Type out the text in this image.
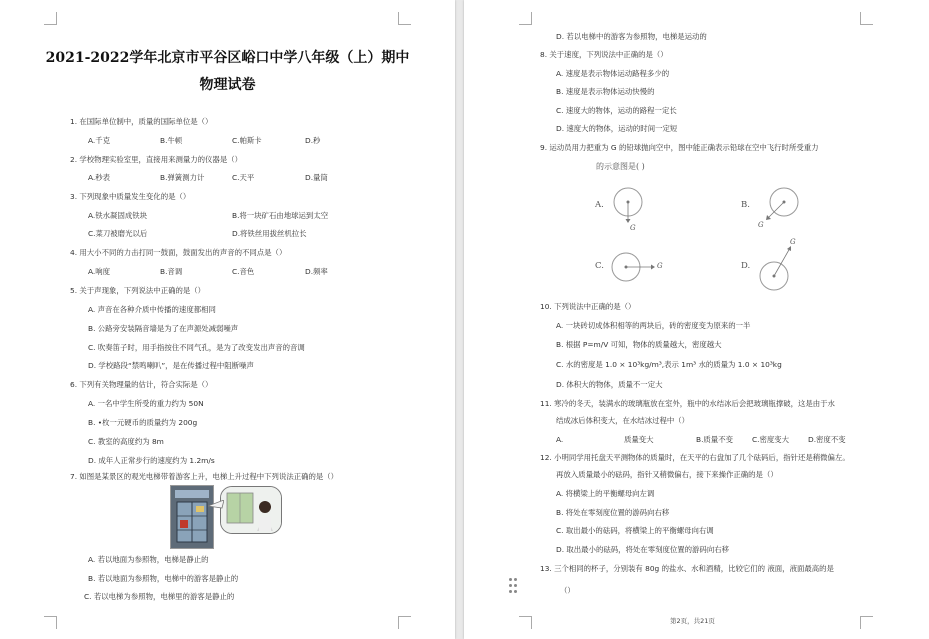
2021-2022学年北京市平谷区峪口中学八年级（上）期中
物理试卷
1. 在国际单位制中，质量的国际单位是（）
A.千克	B.牛顿	C.帕斯卡	D.秒
2. 学校物理实验室里，直接用来测量力的仪器是（）
A.秒表	B.弹簧测力计	C.天平	D.量筒
3. 下列现象中质量发生变化的是（）
A.铁水凝固成铁块	B.将一块矿石由地球运到太空
C.菜刀被磨光以后	D.将铁丝用拔丝机拉长
4. 用大小不同的力击打同一鼓面，鼓面发出的声音的不同点是（）
A.响度	B.音调	C.音色	D.频率
5. 关于声现象，下列说法中正确的是（）
A. 声音在各种介质中传播的速度都相同
B. 公路旁安装隔音墙是为了在声源处减弱噪声
C. 吹奏笛子时，用手指按住不同气孔，是为了改变发出声音的音调
D. 学校路段“禁鸣喇叭”，是在传播过程中阻断噪声
6. 下列有关物理量的估计，符合实际是（）
A. 一名中学生所受的重力约为 50N
B. •枚一元硬币的质量约为 200g
C. 教室的高度约为 8m
D. 成年人正常步行的速度约为 1.2m/s
7. 如图是某景区的观光电梯带着游客上升，电梯上升过程中下列说法正确的是（）
A. 若以地面为参照物，电梯是静止的
B. 若以地面为参照物，电梯中的游客是静止的
C. 若以电梯为参照物，电梯里的游客是静止的
D. 若以电梯中的游客为参照物，电梯是运动的
8. 关于速度，下列说法中正确的是（）
A. 速度是表示物体运动路程多少的
B. 速度是表示物体运动快慢的
C. 速度大的物体，运动的路程一定长
D. 速度大的物体，运动的时间一定短
9. 运动员用力把重为 G 的铅球抛向空中，图中能正确表示铅球在空中飞行时所受重力
的示意图是( )
A.
G
B.
G
C.	G	D.
G
10. 下列说法中正确的是（）
A. 一块砖切成体积相等的两块后，砖的密度变为原来的一半
B. 根据 P=m/V 可知，物体的质量越大，密度越大
C. 水的密度是 1.0 × 10³kg/m³,表示 1m³ 水的质量为 1.0 × 10³kg
D. 体积大的物体，质量不一定大
11. 寒冷的冬天，装满水的玻璃瓶放在室外，瓶中的水结冰后会把玻璃瓶撑破，这是由于水
结成冰后体积变大，在水结冰过程中（）
A.	质量变大	B.质量不变	C.密度变大	D.密度不变
12. 小明同学用托盘天平测物体的质量时，在天平的右盘加了几个砝码后，指针还是稍微偏左。
再放入质量最小的砝码，指针又稍微偏右，接下来操作正确的是（）
A. 将横梁上的平衡螺母向左调
B. 将处在零刻度位置的游码向右移
C. 取出最小的砝码，将横梁上的平衡螺母向右调
D. 取出最小的砝码，将处在零刻度位置的游码向右移
13. 三个相同的杯子，分别装有 80g 的盐水、水和酒精，比较它们的 液面，液面最高的是
（）
第2页，共21页
